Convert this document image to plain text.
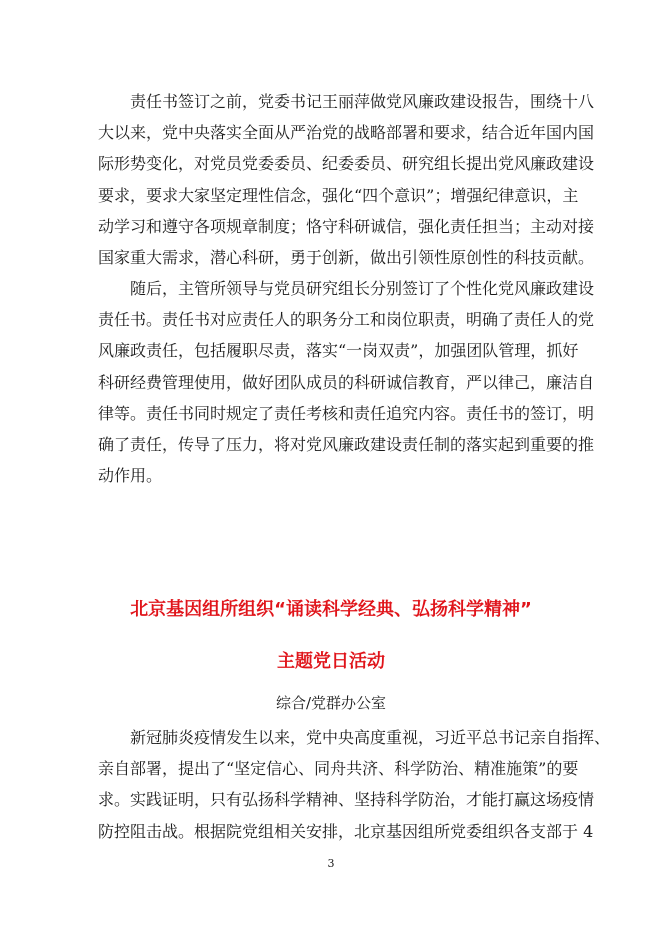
责任书签订之前，党委书记王丽萍做党风廉政建设报告，围绕十八
大以来，党中央落实全面从严治党的战略部署和要求，结合近年国内国
际形势变化，对党员党委委员、纪委委员、研究组长提出党风廉政建设
要求，要求大家坚定理性信念，强化“四个意识”；增强纪律意识，主
动学习和遵守各项规章制度；恪守科研诚信，强化责任担当；主动对接
国家重大需求，潜心科研，勇于创新，做出引领性原创性的科技贡献。
随后，主管所领导与党员研究组长分别签订了个性化党风廉政建设
责任书。责任书对应责任人的职务分工和岗位职责，明确了责任人的党
风廉政责任，包括履职尽责，落实“一岗双责”，加强团队管理，抓好
科研经费管理使用，做好团队成员的科研诚信教育，严以律己，廉洁自
律等。责任书同时规定了责任考核和责任追究内容。责任书的签订，明
确了责任，传导了压力，将对党风廉政建设责任制的落实起到重要的推
动作用。
北京基因组所组织“诵读科学经典、弘扬科学精神”
主题党日活动

综合/党群办公室

新冠肺炎疫情发生以来，党中央高度重视，习近平总书记亲自指挥、
亲自部署，提出了“坚定信心、同舟共济、科学防治、精准施策”的要
求。实践证明，只有弘扬科学精神、坚持科学防治，才能打赢这场疫情
防控阻击战。根据院党组相关安排，北京基因组所党委组织各支部于 4
3
